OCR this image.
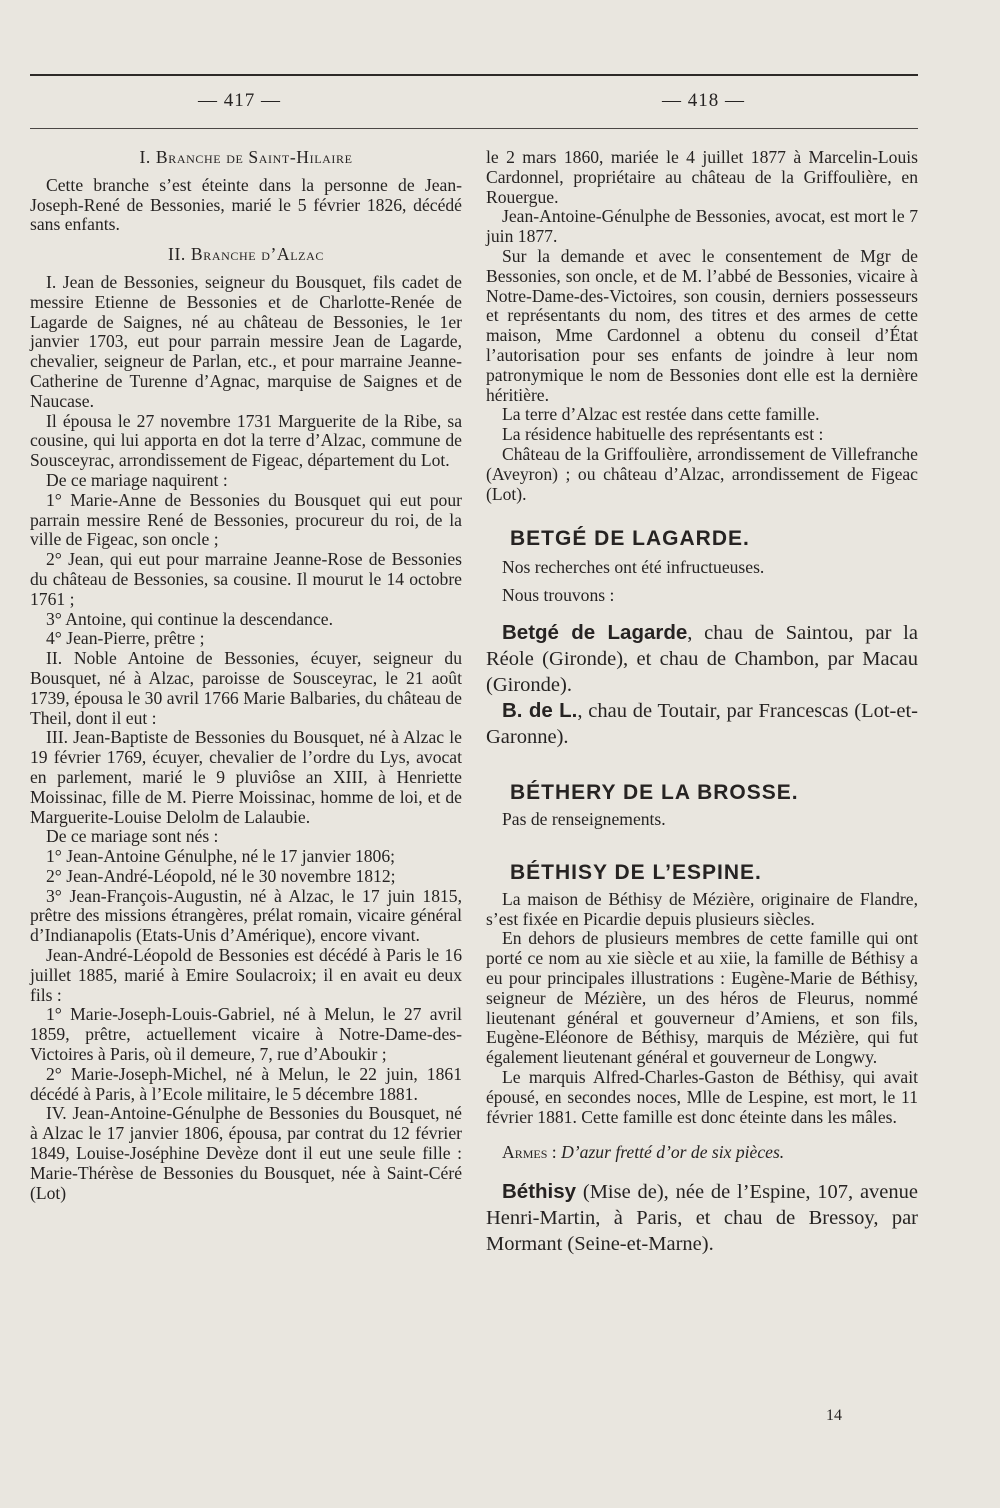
— 417 —	— 418 —
I. Branche de Saint-Hilaire

Cette branche s’est éteinte dans la personne de Jean-Joseph-René de Bessonies, marié le 5 février 1826, décédé sans enfants.

II. Branche d’Alzac

I. Jean de Bessonies, seigneur du Bousquet, fils cadet de messire Etienne de Bessonies et de Charlotte-Renée de Lagarde de Saignes, né au château de Bessonies, le 1er janvier 1703, eut pour parrain messire Jean de Lagarde, chevalier, seigneur de Parlan, etc., et pour marraine Jeanne-Catherine de Turenne d’Agnac, marquise de Saignes et de Naucase.

Il épousa le 27 novembre 1731 Marguerite de la Ribe, sa cousine, qui lui apporta en dot la terre d’Alzac, commune de Sousceyrac, arrondissement de Figeac, département du Lot.

De ce mariage naquirent :

1° Marie-Anne de Bessonies du Bousquet qui eut pour parrain messire René de Bessonies, procureur du roi, de la ville de Figeac, son oncle ;

2° Jean, qui eut pour marraine Jeanne-Rose de Bessonies du château de Bessonies, sa cousine. Il mourut le 14 octobre 1761 ;

3° Antoine, qui continue la descendance.

4° Jean-Pierre, prêtre ;

II. Noble Antoine de Bessonies, écuyer, seigneur du Bousquet, né à Alzac, paroisse de Sousceyrac, le 21 août 1739, épousa le 30 avril 1766 Marie Balbaries, du château de Theil, dont il eut :

III. Jean-Baptiste de Bessonies du Bousquet, né à Alzac le 19 février 1769, écuyer, chevalier de l’ordre du Lys, avocat en parlement, marié le 9 pluviôse an XIII, à Henriette Moissinac, fille de M. Pierre Moissinac, homme de loi, et de Marguerite-Louise Delolm de Lalaubie.

De ce mariage sont nés :

1° Jean-Antoine Génulphe, né le 17 janvier 1806;

2° Jean-André-Léopold, né le 30 novembre 1812;

3° Jean-François-Augustin, né à Alzac, le 17 juin 1815, prêtre des missions étrangères, prélat romain, vicaire général d’Indianapolis (Etats-Unis d’Amérique), encore vivant.

Jean-André-Léopold de Bessonies est décédé à Paris le 16 juillet 1885, marié à Emire Soulacroix; il en avait eu deux fils :

1° Marie-Joseph-Louis-Gabriel, né à Melun, le 27 avril 1859, prêtre, actuellement vicaire à Notre-Dame-des-Victoires à Paris, où il demeure, 7, rue d’Aboukir ;

2° Marie-Joseph-Michel, né à Melun, le 22 juin, 1861 décédé à Paris, à l’Ecole militaire, le 5 décembre 1881.

IV. Jean-Antoine-Génulphe de Bessonies du Bousquet, né à Alzac le 17 janvier 1806, épousa, par contrat du 12 février 1849, Louise-Joséphine Devèze dont il eut une seule fille : Marie-Thérèse de Bessonies du Bousquet, née à Saint-Céré (Lot)

le 2 mars 1860, mariée le 4 juillet 1877 à Marcelin-Louis Cardonnel, propriétaire au château de la Griffoulière, en Rouergue.

Jean-Antoine-Génulphe de Bessonies, avocat, est mort le 7 juin 1877.

Sur la demande et avec le consentement de Mgr de Bessonies, son oncle, et de M. l’abbé de Bessonies, vicaire à Notre-Dame-des-Victoires, son cousin, derniers possesseurs et représentants du nom, des titres et des armes de cette maison, Mme Cardonnel a obtenu du conseil d’État l’autorisation pour ses enfants de joindre à leur nom patronymique le nom de Bessonies dont elle est la dernière héritière.

La terre d’Alzac est restée dans cette famille.

La résidence habituelle des représentants est :

Château de la Griffoulière, arrondissement de Villefranche (Aveyron) ; ou château d’Alzac, arrondissement de Figeac (Lot).

BETGÉ DE LAGARDE.

Nos recherches ont été infructueuses.

Nous trouvons :

Betgé de Lagarde, chau de Saintou, par la Réole (Gironde), et chau de Chambon, par Macau (Gironde).

B. de L., chau de Toutair, par Francescas (Lot-et-Garonne).

BÉTHERY DE LA BROSSE.

Pas de renseignements.

BÉTHISY DE L’ESPINE.

La maison de Béthisy de Mézière, originaire de Flandre, s’est fixée en Picardie depuis plusieurs siècles.

En dehors de plusieurs membres de cette famille qui ont porté ce nom au xie siècle et au xiie, la famille de Béthisy a eu pour principales illustrations : Eugène-Marie de Béthisy, seigneur de Mézière, un des héros de Fleurus, nommé lieutenant général et gouverneur d’Amiens, et son fils, Eugène-Eléonore de Béthisy, marquis de Mézière, qui fut également lieutenant général et gouverneur de Longwy.

Le marquis Alfred-Charles-Gaston de Béthisy, qui avait épousé, en secondes noces, Mlle de Lespine, est mort, le 11 février 1881. Cette famille est donc éteinte dans les mâles.

Armes : D’azur fretté d’or de six pièces.

Béthisy (Mise de), née de l’Espine, 107, avenue Henri-Martin, à Paris, et chau de Bressoy, par Mormant (Seine-et-Marne).

14
